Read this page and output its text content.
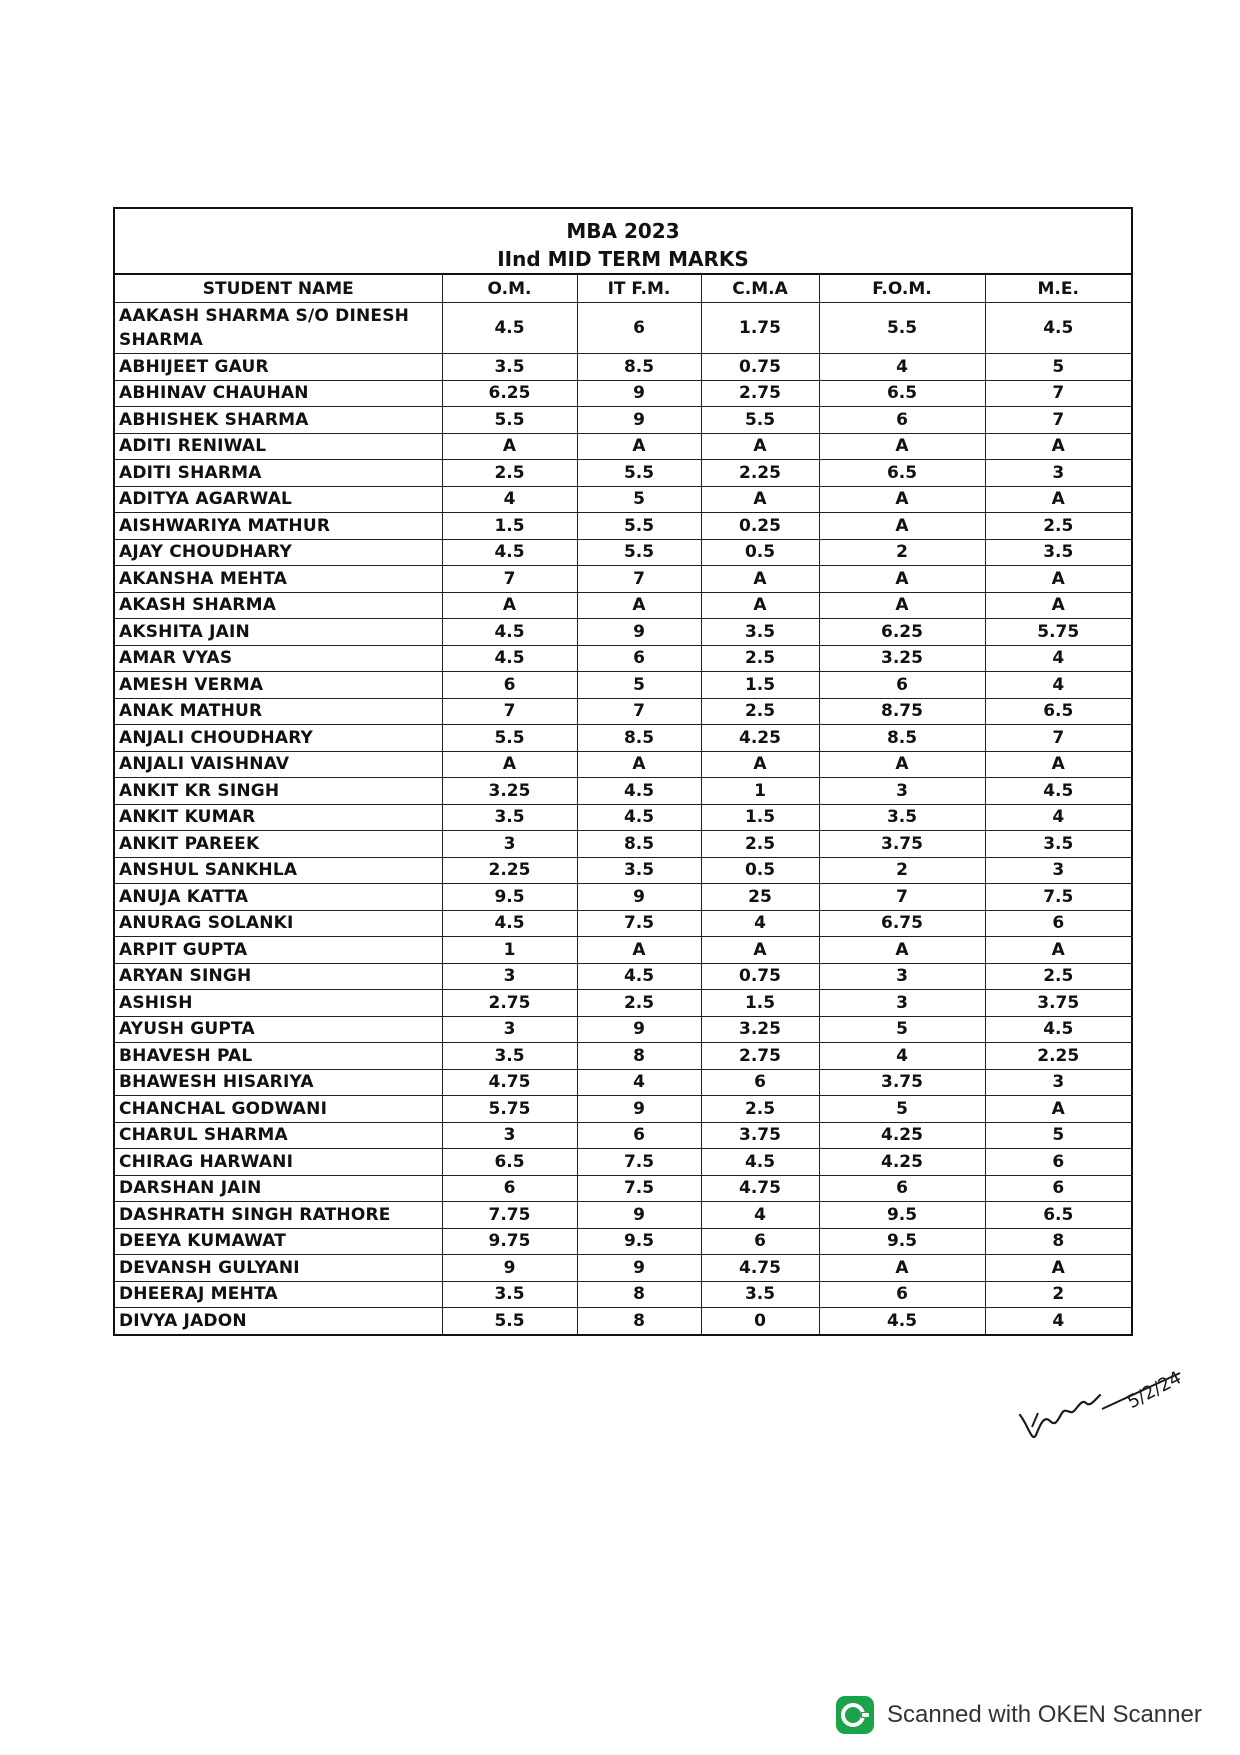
MBA 2023
IInd MID TERM MARKS
STUDENT NAME	O.M.	IT F.M.	C.M.A	F.O.M.	M.E.
AAKASH SHARMA S/O DINESH SHARMA	4.5	6	1.75	5.5	4.5
ABHIJEET GAUR	3.5	8.5	0.75	4	5
ABHINAV CHAUHAN	6.25	9	2.75	6.5	7
ABHISHEK SHARMA	5.5	9	5.5	6	7
ADITI RENIWAL	A	A	A	A	A
ADITI SHARMA	2.5	5.5	2.25	6.5	3
ADITYA AGARWAL	4	5	A	A	A
AISHWARIYA MATHUR	1.5	5.5	0.25	A	2.5
AJAY CHOUDHARY	4.5	5.5	0.5	2	3.5
AKANSHA MEHTA	7	7	A	A	A
AKASH SHARMA	A	A	A	A	A
AKSHITA JAIN	4.5	9	3.5	6.25	5.75
AMAR VYAS	4.5	6	2.5	3.25	4
AMESH VERMA	6	5	1.5	6	4
ANAK MATHUR	7	7	2.5	8.75	6.5
ANJALI CHOUDHARY	5.5	8.5	4.25	8.5	7
ANJALI VAISHNAV	A	A	A	A	A
ANKIT KR SINGH	3.25	4.5	1	3	4.5
ANKIT KUMAR	3.5	4.5	1.5	3.5	4
ANKIT PAREEK	3	8.5	2.5	3.75	3.5
ANSHUL SANKHLA	2.25	3.5	0.5	2	3
ANUJA KATTA	9.5	9	25	7	7.5
ANURAG SOLANKI	4.5	7.5	4	6.75	6
ARPIT GUPTA	1	A	A	A	A
ARYAN SINGH	3	4.5	0.75	3	2.5
ASHISH	2.75	2.5	1.5	3	3.75
AYUSH GUPTA	3	9	3.25	5	4.5
BHAVESH PAL	3.5	8	2.75	4	2.25
BHAWESH HISARIYA	4.75	4	6	3.75	3
CHANCHAL GODWANI	5.75	9	2.5	5	A
CHARUL SHARMA	3	6	3.75	4.25	5
CHIRAG HARWANI	6.5	7.5	4.5	4.25	6
DARSHAN JAIN	6	7.5	4.75	6	6
DASHRATH SINGH RATHORE	7.75	9	4	9.5	6.5
DEEYA KUMAWAT	9.75	9.5	6	9.5	8
DEVANSH GULYANI	9	9	4.75	A	A
DHEERAJ MEHTA	3.5	8	3.5	6	2
DIVYA JADON	5.5	8	0	4.5	4
5/2/24
Scanned with OKEN Scanner
